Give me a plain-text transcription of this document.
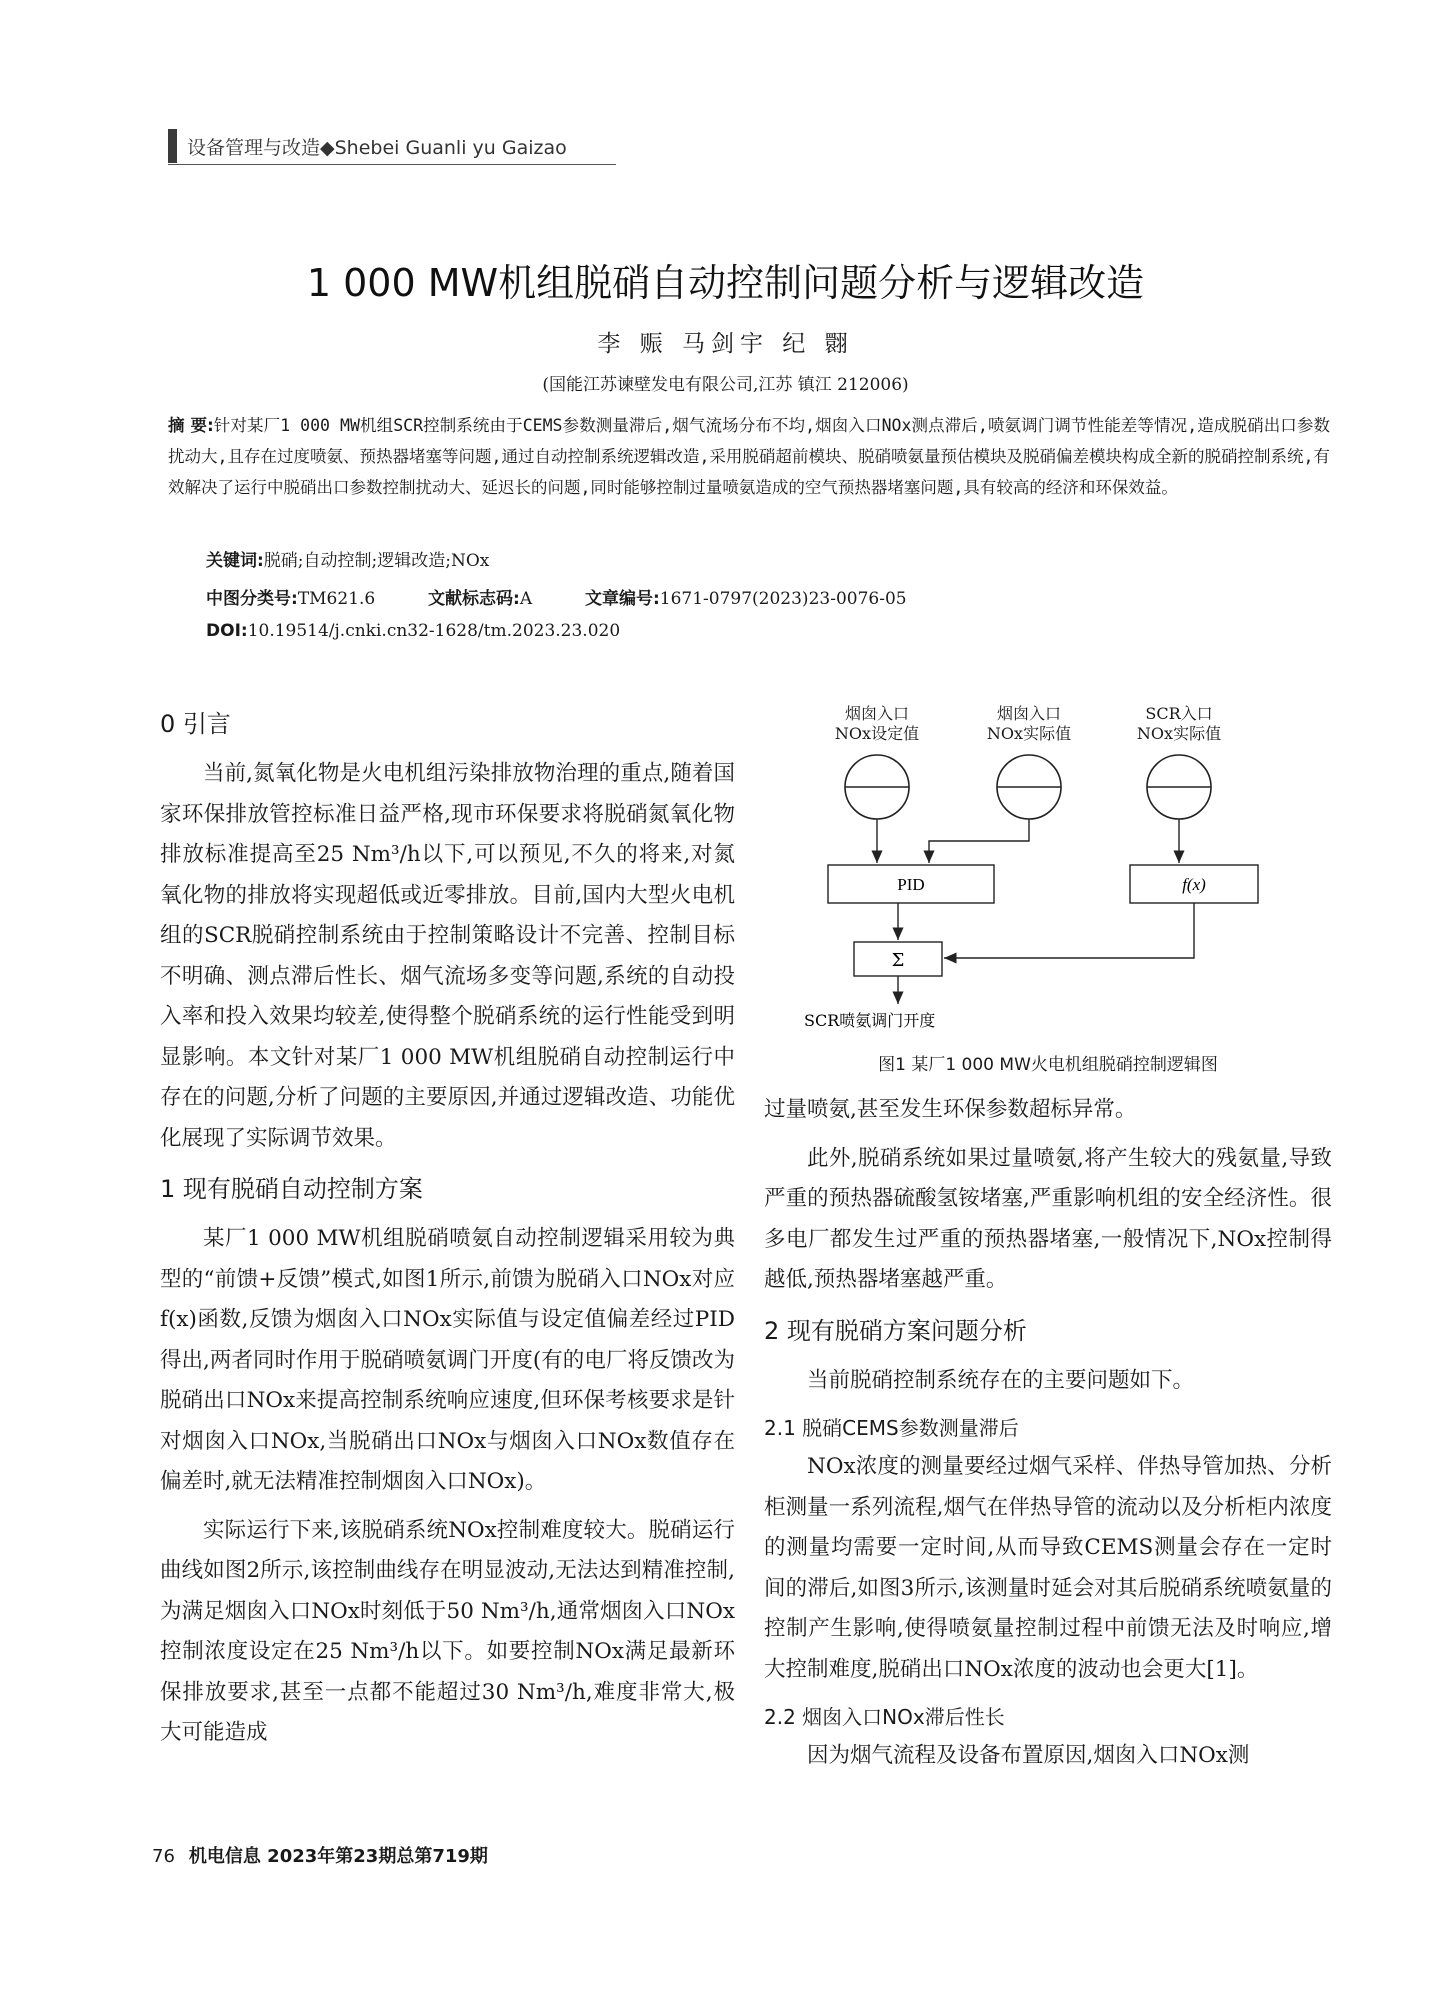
设备管理与改造◆Shebei Guanli yu Gaizao
1 000 MW机组脱硝自动控制问题分析与逻辑改造
李 赈 马剑宇 纪 翾
(国能江苏谏壁发电有限公司,江苏 镇江 212006)
摘 要:针对某厂1 000 MW机组SCR控制系统由于CEMS参数测量滞后,烟气流场分布不均,烟囱入口NOx测点滞后,喷氨调门调节性能差等情况,造成脱硝出口参数扰动大,且存在过度喷氨、预热器堵塞等问题,通过自动控制系统逻辑改造,采用脱硝超前模块、脱硝喷氨量预估模块及脱硝偏差模块构成全新的脱硝控制系统,有效解决了运行中脱硝出口参数控制扰动大、延迟长的问题,同时能够控制过量喷氨造成的空气预热器堵塞问题,具有较高的经济和环保效益。
关键词:脱硝;自动控制;逻辑改造;NOx
中图分类号:TM621.6	文献标志码:A	文章编号:1671-0797(2023)23-0076-05
DOI:10.19514/j.cnki.cn32-1628/tm.2023.23.020
0 引言

当前,氮氧化物是火电机组污染排放物治理的重点,随着国家环保排放管控标准日益严格,现市环保要求将脱硝氮氧化物排放标准提高至25 Nm³/h以下,可以预见,不久的将来,对氮氧化物的排放将实现超低或近零排放。目前,国内大型火电机组的SCR脱硝控制系统由于控制策略设计不完善、控制目标不明确、测点滞后性长、烟气流场多变等问题,系统的自动投入率和投入效果均较差,使得整个脱硝系统的运行性能受到明显影响。本文针对某厂1 000 MW机组脱硝自动控制运行中存在的问题,分析了问题的主要原因,并通过逻辑改造、功能优化展现了实际调节效果。

1 现有脱硝自动控制方案

某厂1 000 MW机组脱硝喷氨自动控制逻辑采用较为典型的“前馈+反馈”模式,如图1所示,前馈为脱硝入口NOx对应f(x)函数,反馈为烟囱入口NOx实际值与设定值偏差经过PID得出,两者同时作用于脱硝喷氨调门开度(有的电厂将反馈改为脱硝出口NOx来提高控制系统响应速度,但环保考核要求是针对烟囱入口NOx,当脱硝出口NOx与烟囱入口NOx数值存在偏差时,就无法精准控制烟囱入口NOx)。

实际运行下来,该脱硝系统NOx控制难度较大。脱硝运行曲线如图2所示,该控制曲线存在明显波动,无法达到精准控制,为满足烟囱入口NOx时刻低于50 Nm³/h,通常烟囱入口NOx控制浓度设定在25 Nm³/h以下。如要控制NOx满足最新环保排放要求,甚至一点都不能超过30 Nm³/h,难度非常大,极大可能造成

烟囱入口
NOx设定值
烟囱入口
NOx实际值
SCR入口
NOx实际值
PID	f(x)
Σ
SCR喷氨调门开度
图1 某厂1 000 MW火电机组脱硝控制逻辑图

过量喷氨,甚至发生环保参数超标异常。

此外,脱硝系统如果过量喷氨,将产生较大的残氨量,导致严重的预热器硫酸氢铵堵塞,严重影响机组的安全经济性。很多电厂都发生过严重的预热器堵塞,一般情况下,NOx控制得越低,预热器堵塞越严重。

2 现有脱硝方案问题分析

当前脱硝控制系统存在的主要问题如下。

2.1 脱硝CEMS参数测量滞后

NOx浓度的测量要经过烟气采样、伴热导管加热、分析柜测量一系列流程,烟气在伴热导管的流动以及分析柜内浓度的测量均需要一定时间,从而导致CEMS测量会存在一定时间的滞后,如图3所示,该测量时延会对其后脱硝系统喷氨量的控制产生影响,使得喷氨量控制过程中前馈无法及时响应,增大控制难度,脱硝出口NOx浓度的波动也会更大[1]。

2.2 烟囱入口NOx滞后性长

因为烟气流程及设备布置原因,烟囱入口NOx测

76 机电信息 2023年第23期总第719期
